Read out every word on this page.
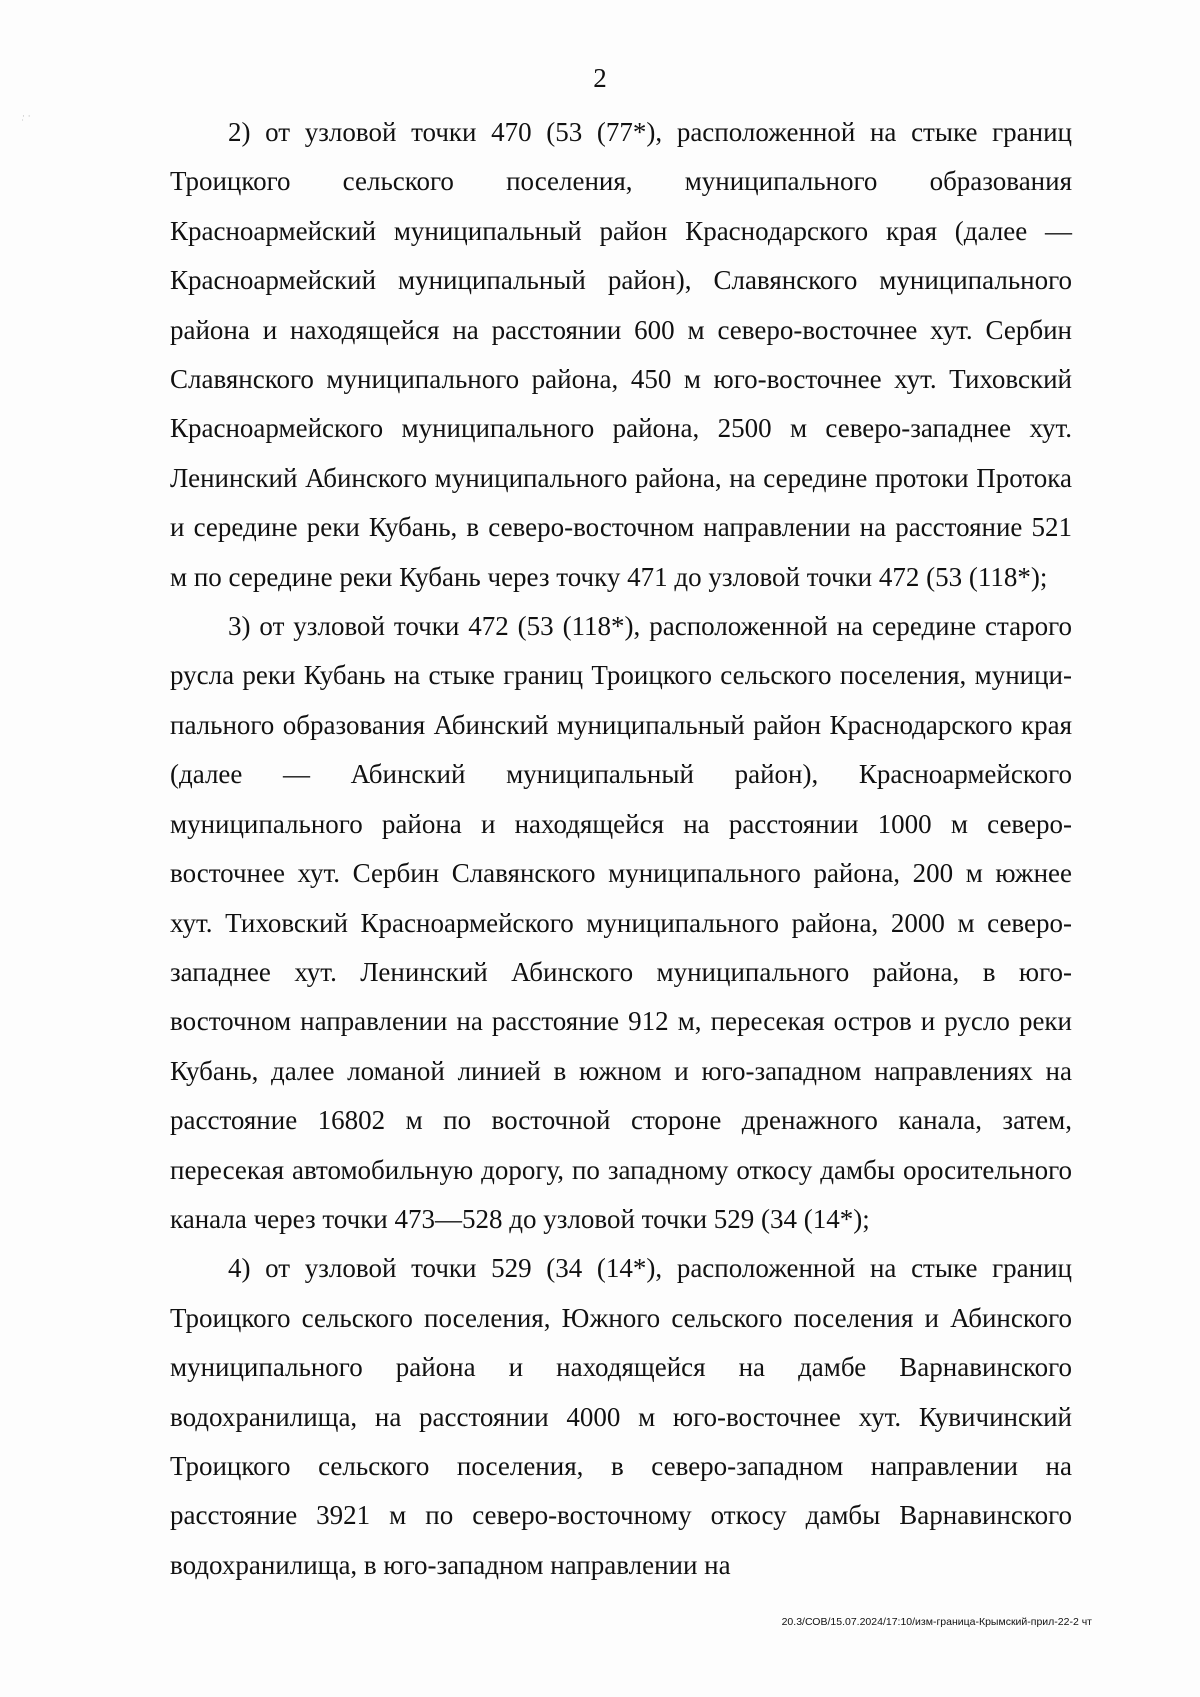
·̣ ·
2

2) от узловой точки 470 (53 (77*), расположенной на стыке границ Троицкого сельского поселения, муниципального образования Красноармейский муниципальный район Краснодарского края (далее — Красноармейский муниципальный район), Славянского муниципального района и находящейся на расстоянии 600 м северо-восточнее хут. Сербин Славянского муниципального района, 450 м юго-восточнее хут. Тиховский Красноармейского муниципального района, 2500 м северо-западнее хут. Ленинский Абинского муниципального района, на середине протоки Протока и середине реки Кубань, в северо-восточном направлении на расстояние 521 м по середине реки Кубань через точку 471 до узловой точки 472 (53 (118*);

3) от узловой точки 472 (53 (118*), расположенной на середине старого русла реки Кубань на стыке границ Троицкого сельского поселения, муниципального образования Абинский муниципальный район Краснодарского края (далее — Абинский муниципальный район), Красноармейского муниципального района и находящейся на расстоянии 1000 м северо-восточнее хут. Сербин Славянского муниципального района, 200 м южнее хут. Тиховский Красноармейского муниципального района, 2000 м северо-западнее хут. Ленинский Абинского муниципального района, в юго-восточном направлении на расстояние 912 м, пересекая остров и русло реки Кубань, далее ломаной линией в южном и юго-западном направлениях на расстояние 16802 м по восточной стороне дренажного канала, затем, пересекая автомобильную дорогу, по западному откосу дамбы оросительного канала через точки 473—528 до узловой точки 529 (34 (14*);

4) от узловой точки 529 (34 (14*), расположенной на стыке границ Троицкого сельского поселения, Южного сельского поселения и Абинского муниципального района и находящейся на дамбе Варнавинского водохранилища, на расстоянии 4000 м юго-восточнее хут. Кувичинский Троицкого сельского поселения, в северо-западном направлении на расстояние 3921 м по северо-восточному откосу дамбы Варнавинского водохранилища, в юго-западном направлении на

20.3/СОВ/15.07.2024/17:10/изм-граница-Крымский-прил-22-2 чт
